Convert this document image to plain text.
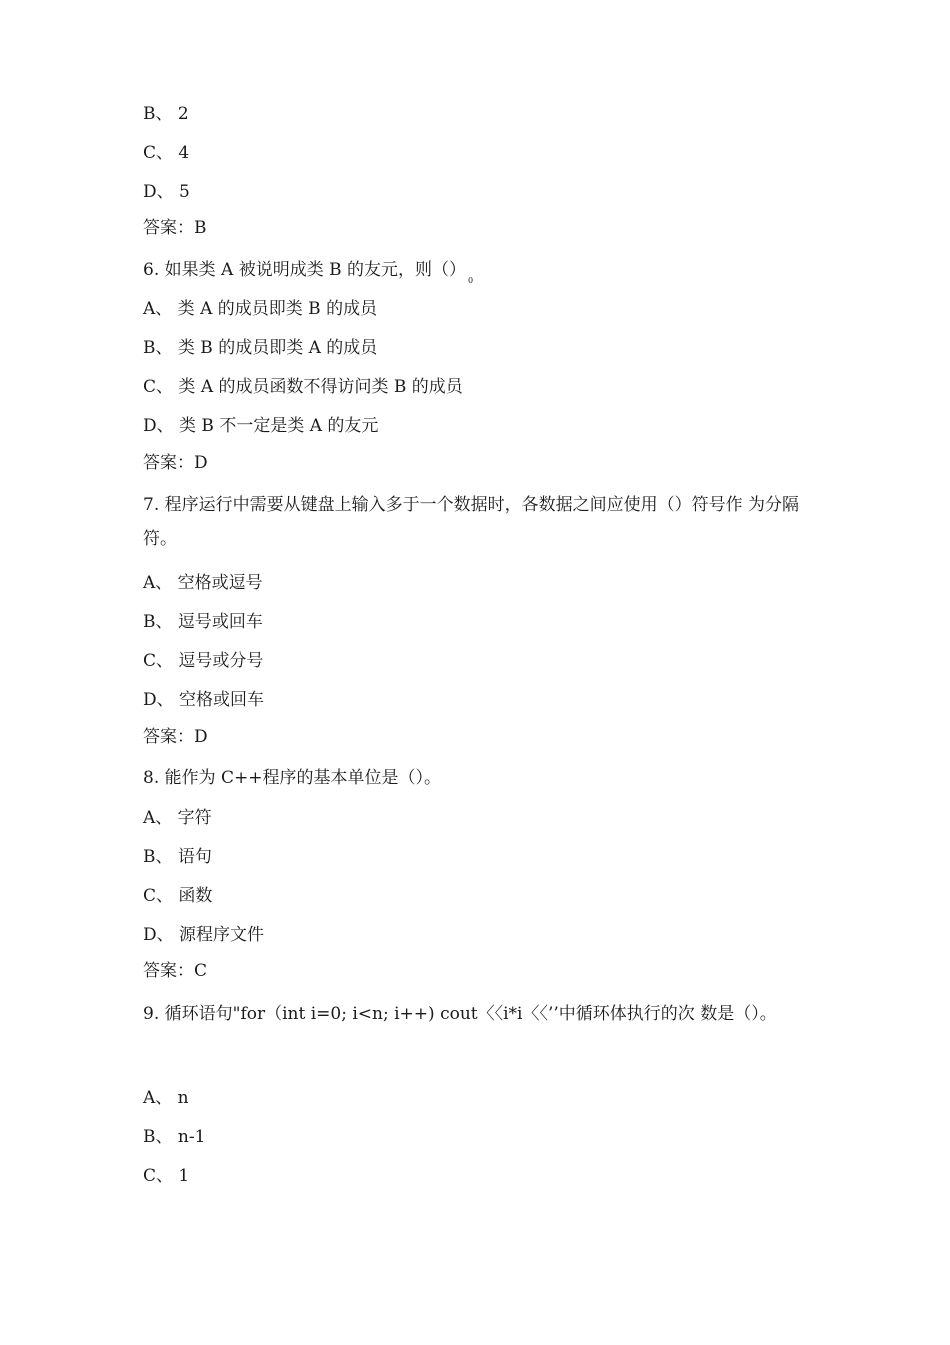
B、 2
C、 4
D、 5
答案：B
6. 如果类 A 被说明成类 B 的友元，则$()_0$
A、 类 A 的成员即类 B 的成员
B、 类 B 的成员即类 A 的成员
C、 类 A 的成员函数不得访问类 B 的成员
D、 类 B 不一定是类 A 的友元
答案：D
7. 程序运行中需要从键盘上输入多于一个数据时，各数据之间应使用（）符号作 为分隔符。
A、 空格或逗号
B、 逗号或回车
C、 逗号或分号
D、 空格或回车
答案：D
8. 能作为 C++程序的基本单位是（）。
A、 字符
B、 语句
C、 函数
D、 源程序文件
答案：C
9. 循环语句"for（int i=0; i<n; i++) cout〈〈i*i〈〈’’中循环体执行的次 数是（）。
A、 n
B、 n-1
C、 1
